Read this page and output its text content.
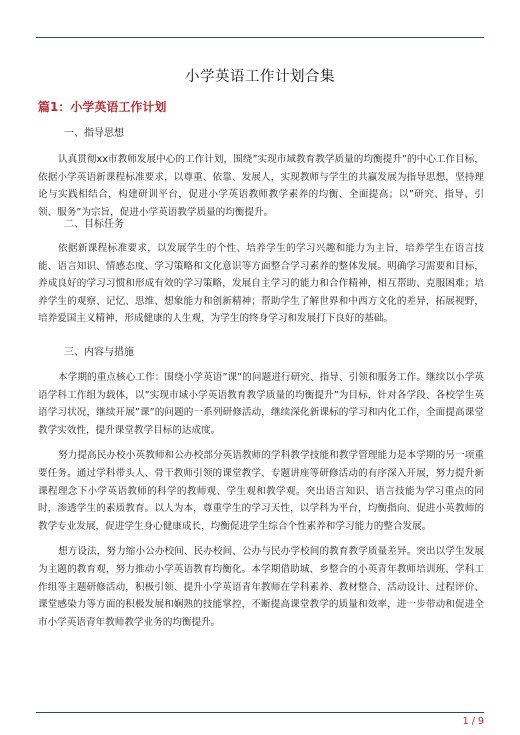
小学英语工作计划合集
篇1：小学英语工作计划

一、指导思想

认真贯彻xx市教师发展中心的工作计划，围绕”实现市域教育教学质量的均衡提升”的中心工作目标，依据小学英语新课程标准要求，以尊重、依靠、发展人，实现教师与学生的共赢发展为指导思想，坚持理论与实践相结合，构建研训平台，促进小学英语教师教学素养的均衡、全面提高；以”研究、指导、引领、服务”为宗旨，促进小学英语教学质量的均衡提升。

二、目标任务

依据新课程标准要求，以发展学生的个性、培养学生的学习兴趣和能力为主旨，培养学生在语言技能、语言知识、情感态度、学习策略和文化意识等方面整合学习素养的整体发展。明确学习需要和目标，养成良好的学习习惯和形成有效的学习策略，发展自主学习的能力和合作精神，相互帮助、克服困难；培养学生的观察、记忆、思维、想象能力和创新精神；帮助学生了解世界和中西方文化的差异，拓展视野，培养爱国主义精神，形成健康的人生观，为学生的终身学习和发展打下良好的基础。

三、内容与措施

本学期的重点核心工作：围绕小学英语”课”的问题进行研究、指导、引领和服务工作。继续以小学英语学科工作组为载体，以”实现市域小学英语教育教学质量的均衡提升”为目标，针对各学段、各校学生英语学习状况，继续开展”课”的问题的一系列研修活动，继续深化新课标的学习和内化工作，全面提高课堂教学实效性，提升课堂教学目标的达成度。

努力提高民办校小英教师和公办校部分英语教师的学科教学技能和教学管理能力是本学期的另一项重要任务。通过学科带头人、骨干教师引领的课堂教学、专题讲座等研修活动的有序深入开展，努力提升新课程理念下小学英语教师的科学的教师观、学生观和教学观。突出语言知识、语言技能为学习重点的同时，渗透学生的素质教育。以人为本，尊重学生的学习天性，以学科为平台，均衡指向、促进小英教师的教学专业发展，促进学生身心健康成长，均衡促进学生综合个性素养和学习能力的整合发展。

想方设法，努力缩小公办校间、民办校间、公办与民办学校间的教育教学质量差异。突出以学生发展为主题的教育观，努力推动小学英语教育均衡化。本学期借助城、乡整合的小英青年教师培训班、学科工作组等主题研修活动，积极引领、提升小学英语青年教师在学科素养、教材整合、活动设计、过程评价、课堂感染力等方面的积极发展和娴熟的技能掌控，不断提高课堂教学的质量和效率，进一步带动和促进全市小学英语青年教师教学业务的均衡提升。

1 / 9
